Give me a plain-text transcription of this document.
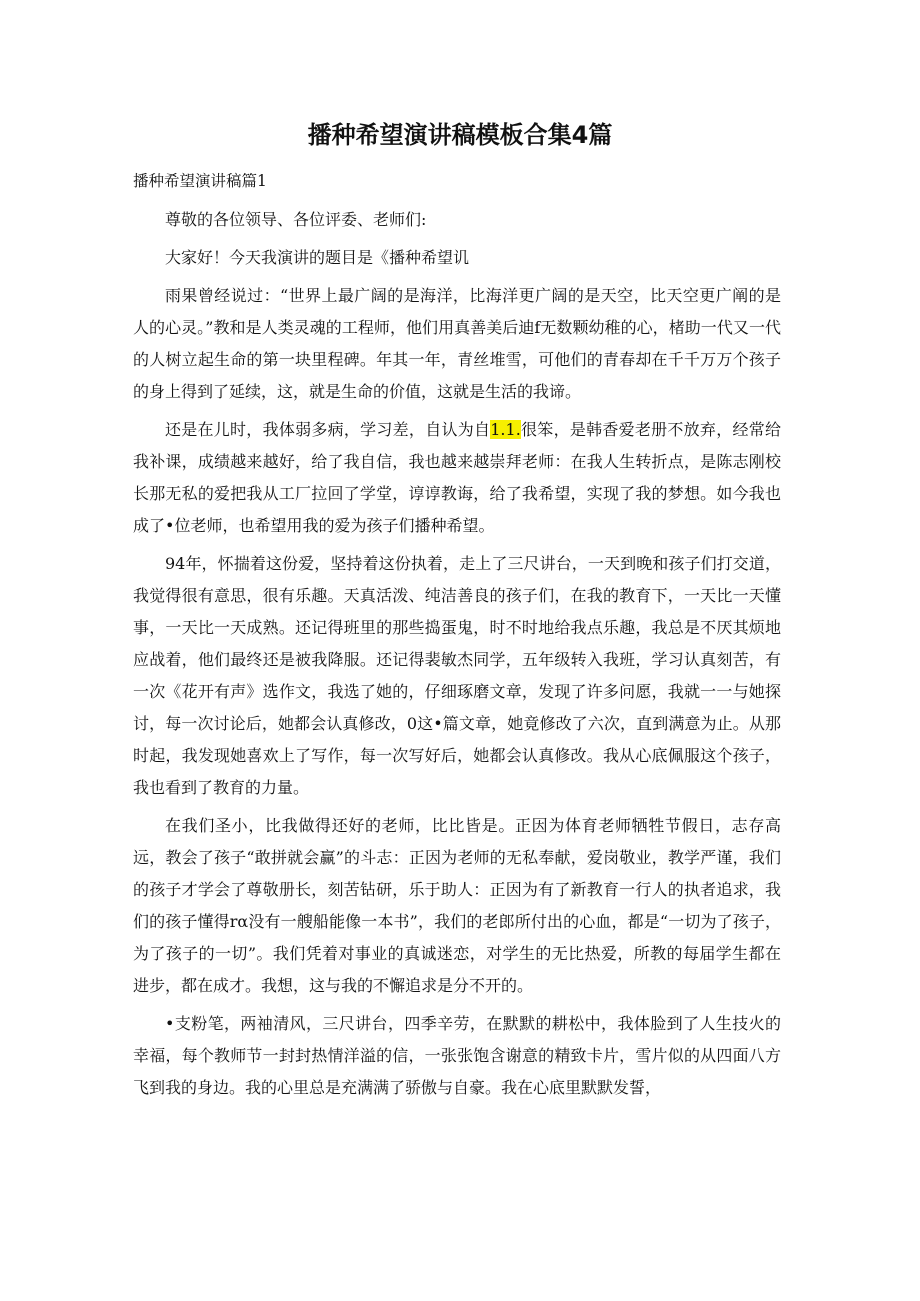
播种希望演讲稿模板合集4篇
播种希望演讲稿篇1

尊敬的各位领导、各位评委、老师们:

大家好！今天我演讲的题目是《播种希望讥

雨果曾经说过：“世界上最广阔的是海洋，比海洋更广阔的是天空，比天空更广阐的是人的心灵。”教和是人类灵魂的工程师，他们用真善美后迪f无数颗幼稚的心，楮助一代又一代的人树立起生命的第一块里程碑。年其一年，青丝堆雪，可他们的青春却在千千万万个孩子的身上得到了延续，这，就是生命的价值，这就是生活的我谛。

还是在儿时，我体弱多病，学习差，自认为自1.1.很笨，是韩香爱老册不放弃，经常给我补课，成绩越来越好，给了我自信，我也越来越崇拜老师：在我人生转折点，是陈志刚校长那无私的爱把我从工厂拉回了学堂，谆谆教诲，给了我希望，实现了我的梦想。如今我也成了•位老师，也希望用我的爱为孩子们播种希望。

94年，怀揣着这份爱，坚持着这份执着，走上了三尺讲台，一天到晚和孩子们打交道，我觉得很有意思，很有乐趣。天真活泼、纯洁善良的孩子们，在我的教育下，一天比一天懂事，一天比一天成熟。还记得班里的那些捣蛋鬼，时不时地给我点乐趣，我总是不厌其烦地应战着，他们最终还是被我降服。还记得裴敏杰同学，五年级转入我班，学习认真刻苦，有一次《花开有声》选作文，我选了她的，仔细琢磨文章，发现了许多问愿，我就一一与她探讨，每一次讨论后，她都会认真修改，0这•篇文章，她竟修改了六次，直到满意为止。从那时起，我发现她喜欢上了写作，每一次写好后，她都会认真修改。我从心底佩服这个孩子，我也看到了教育的力量。

在我们圣小，比我做得还好的老师，比比皆是。正因为体育老师牺牲节假日，志存高远，教会了孩子“敢拼就会赢”的斗志：正因为老师的无私奉献，爱岗敬业，教学严谨，我们的孩子才学会了尊敬册长，刻苦钻研，乐于助人：正因为有了新教育一行人的执者追求，我们的孩子懂得rα没有一艘船能像一本书”，我们的老郎所付出的心血，都是“一切为了孩子，为了孩子的一切”。我们凭着对事业的真诚迷恋，对学生的无比热爱，所教的每届学生都在进步，都在成才。我想，这与我的不懈追求是分不开的。

•支粉笔，两袖清风，三尺讲台，四季辛劳，在默默的耕松中，我体脸到了人生技火的幸福，每个教师节一封封热情洋溢的信，一张张饱含谢意的精致卡片，雪片似的从四面八方飞到我的身边。我的心里总是充满满了骄傲与自豪。我在心底里默默发誓，
